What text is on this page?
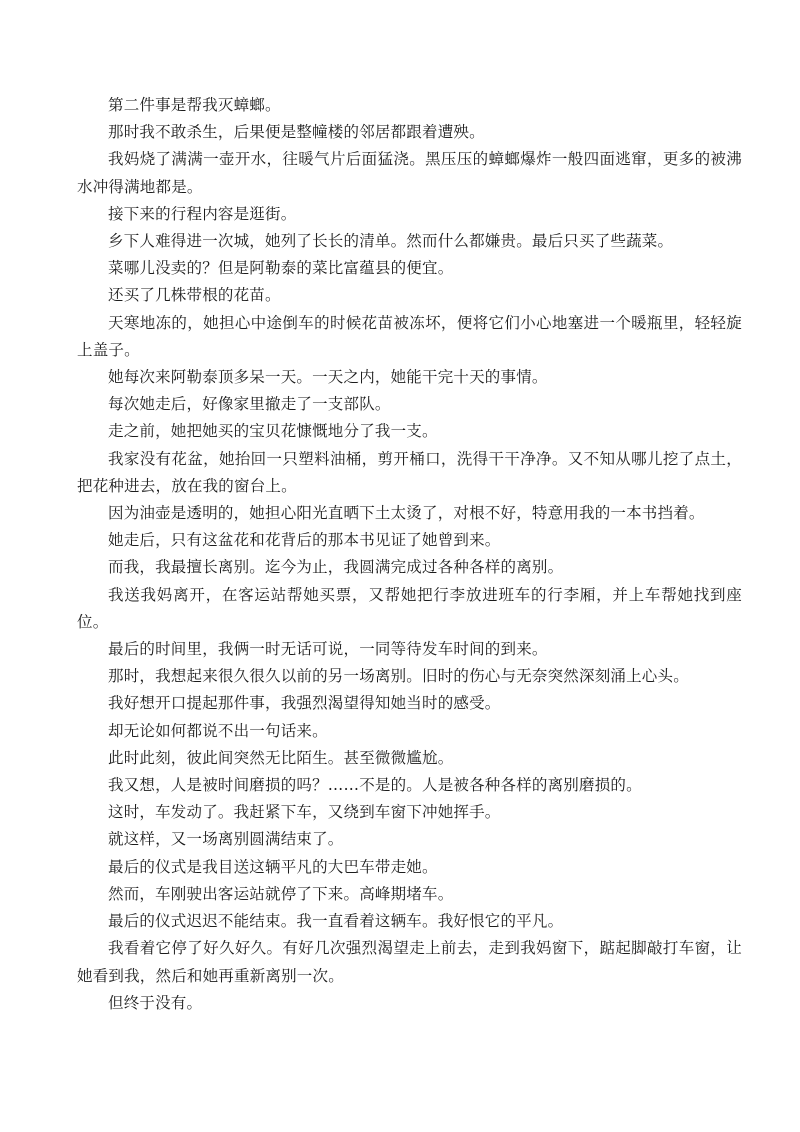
第二件事是帮我灭蟑螂。

那时我不敢杀生，后果便是整幢楼的邻居都跟着遭殃。

我妈烧了满满一壶开水，往暖气片后面猛浇。黑压压的蟑螂爆炸一般四面逃窜，更多的被沸水冲得满地都是。

接下来的行程内容是逛街。

乡下人难得进一次城，她列了长长的清单。然而什么都嫌贵。最后只买了些蔬菜。

菜哪儿没卖的？但是阿勒泰的菜比富蕴县的便宜。

还买了几株带根的花苗。

天寒地冻的，她担心中途倒车的时候花苗被冻坏，便将它们小心地塞进一个暖瓶里，轻轻旋上盖子。

她每次来阿勒泰顶多呆一天。一天之内，她能干完十天的事情。

每次她走后，好像家里撤走了一支部队。

走之前，她把她买的宝贝花慷慨地分了我一支。

我家没有花盆，她抬回一只塑料油桶，剪开桶口，洗得干干净净。又不知从哪儿挖了点土，把花种进去，放在我的窗台上。

因为油壶是透明的，她担心阳光直晒下土太烫了，对根不好，特意用我的一本书挡着。

她走后，只有这盆花和花背后的那本书见证了她曾到来。

而我，我最擅长离别。迄今为止，我圆满完成过各种各样的离别。

我送我妈离开，在客运站帮她买票，又帮她把行李放进班车的行李厢，并上车帮她找到座位。

最后的时间里，我俩一时无话可说，一同等待发车时间的到来。

那时，我想起来很久很久以前的另一场离别。旧时的伤心与无奈突然深刻涌上心头。

我好想开口提起那件事，我强烈渴望得知她当时的感受。

却无论如何都说不出一句话来。

此时此刻，彼此间突然无比陌生。甚至微微尴尬。

我又想，人是被时间磨损的吗？……不是的。人是被各种各样的离别磨损的。

这时，车发动了。我赶紧下车，又绕到车窗下冲她挥手。

就这样，又一场离别圆满结束了。

最后的仪式是我目送这辆平凡的大巴车带走她。

然而，车刚驶出客运站就停了下来。高峰期堵车。

最后的仪式迟迟不能结束。我一直看着这辆车。我好恨它的平凡。

我看着它停了好久好久。有好几次强烈渴望走上前去，走到我妈窗下，踮起脚敲打车窗，让她看到我，然后和她再重新离别一次。

但终于没有。
